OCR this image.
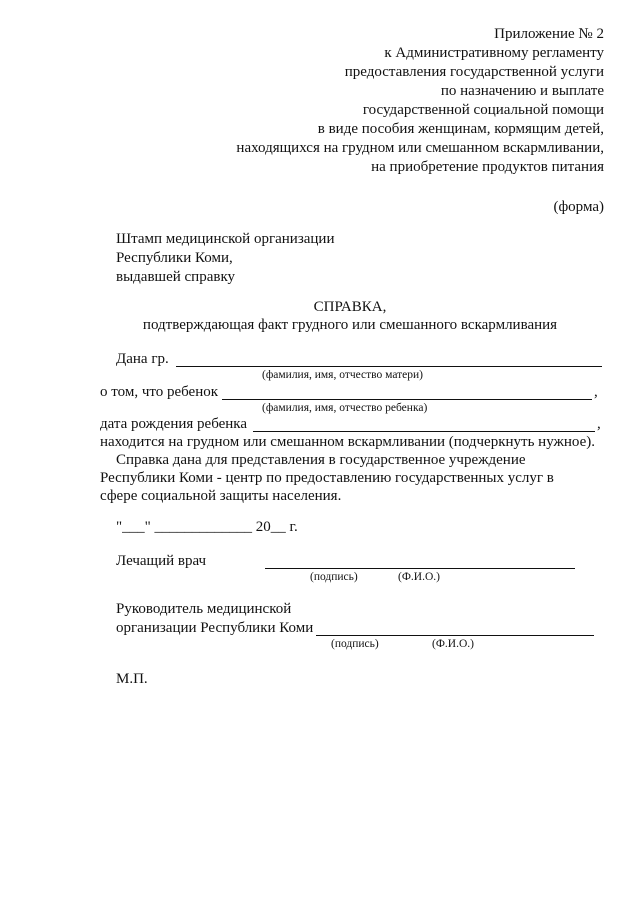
Приложение № 2
к Административному регламенту
предоставления государственной услуги
по назначению и выплате
государственной социальной помощи
в виде пособия женщинам, кормящим детей,
находящихся на грудном или смешанном вскармливании,
на приобретение продуктов питания
(форма)
Штамп медицинской организации
Республики Коми,
выдавшей справку
СПРАВКА,
подтверждающая факт грудного или смешанного вскармливания
Дана гр.
(фамилия, имя, отчество матери)
о том, что ребенок	,
(фамилия, имя, отчество ребенка)
дата рождения ребенка	,
находится на грудном или смешанном вскармливании (подчеркнуть нужное).
Справка дана для представления в государственное учреждение
Республики Коми - центр по предоставлению государственных услуг в
сфере социальной защиты населения.
"___" _____________ 20__ г.
Лечащий врач
(подпись)	(Ф.И.О.)
Руководитель медицинской
организации Республики Коми
(подпись)	(Ф.И.О.)
М.П.
